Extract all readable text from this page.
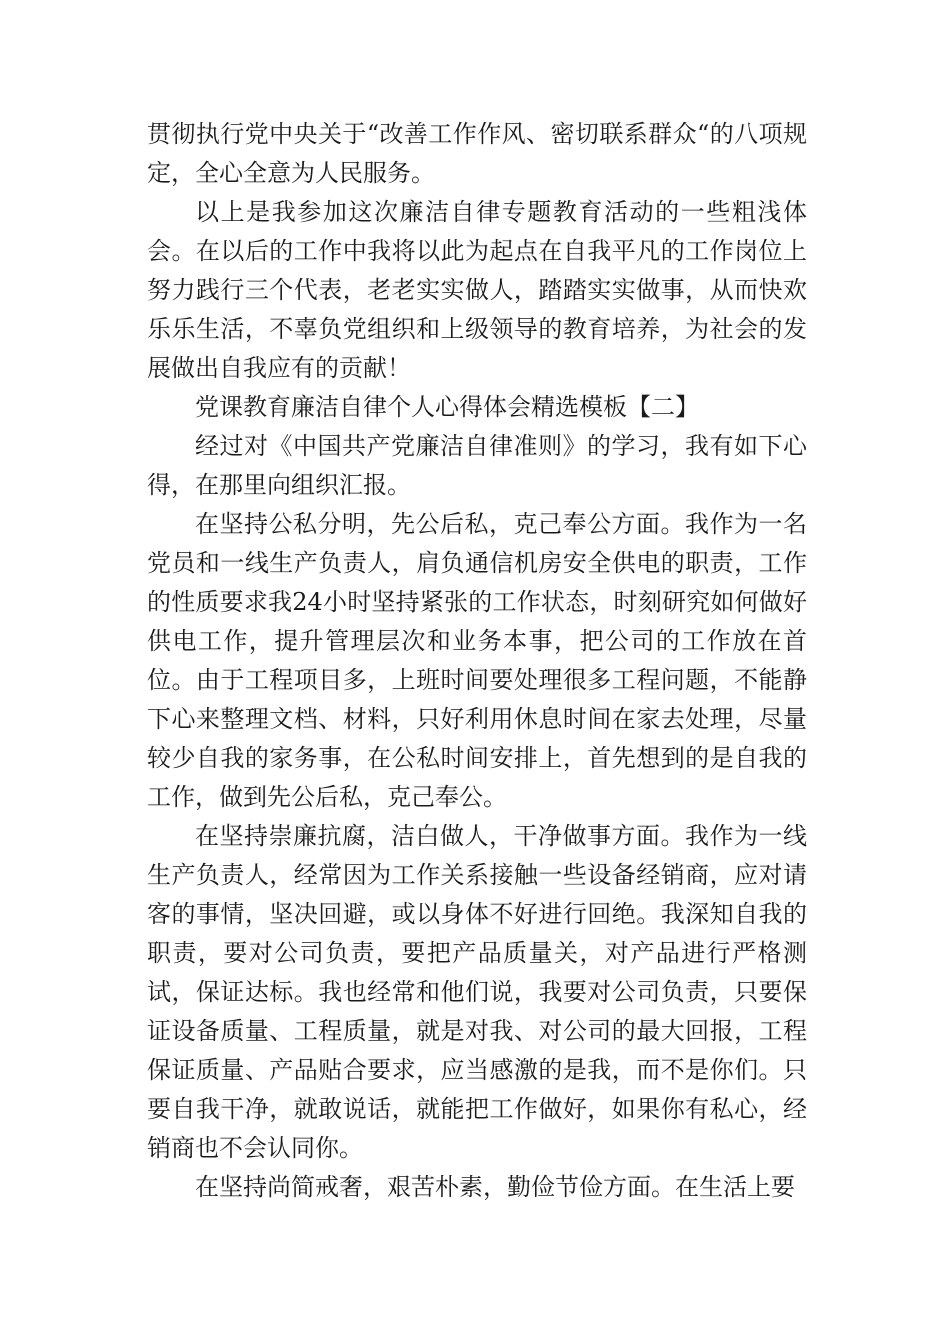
贯彻执行党中央关于“改善工作作风、密切联系群众“的八项规定，全心全意为人民服务。

以上是我参加这次廉洁自律专题教育活动的一些粗浅体会。在以后的工作中我将以此为起点在自我平凡的工作岗位上努力践行三个代表，老老实实做人，踏踏实实做事，从而快欢乐乐生活，不辜负党组织和上级领导的教育培养，为社会的发展做出自我应有的贡献！

党课教育廉洁自律个人心得体会精选模板【二】

经过对《中国共产党廉洁自律准则》的学习，我有如下心得，在那里向组织汇报。

在坚持公私分明，先公后私，克己奉公方面。我作为一名党员和一线生产负责人，肩负通信机房安全供电的职责，工作的性质要求我24小时坚持紧张的工作状态，时刻研究如何做好供电工作，提升管理层次和业务本事，把公司的工作放在首位。由于工程项目多，上班时间要处理很多工程问题，不能静下心来整理文档、材料，只好利用休息时间在家去处理，尽量较少自我的家务事，在公私时间安排上，首先想到的是自我的工作，做到先公后私，克己奉公。

在坚持崇廉抗腐，洁白做人，干净做事方面。我作为一线生产负责人，经常因为工作关系接触一些设备经销商，应对请客的事情，坚决回避，或以身体不好进行回绝。我深知自我的职责，要对公司负责，要把产品质量关，对产品进行严格测试，保证达标。我也经常和他们说，我要对公司负责，只要保证设备质量、工程质量，就是对我、对公司的最大回报，工程保证质量、产品贴合要求，应当感激的是我，而不是你们。只要自我干净，就敢说话，就能把工作做好，如果你有私心，经销商也不会认同你。

在坚持尚简戒奢，艰苦朴素，勤俭节俭方面。在生活上要
